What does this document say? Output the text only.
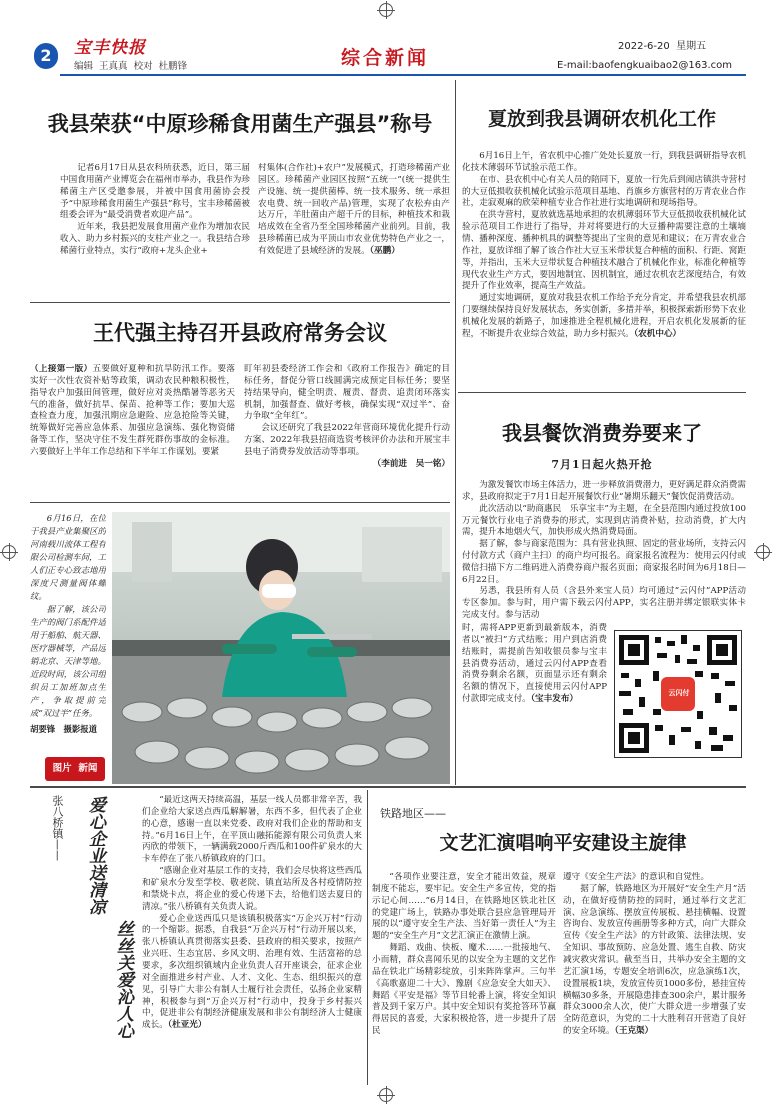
2	宝丰快报
编辑  王真真  校对  杜鹏锋	综合新闻
2022-6-20 星期五
E-mail:baofengkuaibao2@163.com
我县荣获“中原珍稀食用菌生产强县”称号

记者6月17日从县农科所获悉，近日，第三届中国食用菌产业博览会在福州市举办，我县作为珍稀菌主产区受邀参展，并被中国食用菌协会授予“中原珍稀食用菌生产强县”称号，宝丰珍稀菌被组委会评为“最受消费者欢迎产品”。

近年来，我县把发展食用菌产业作为增加农民收入、助力乡村振兴的支柱产业之一。我县结合珍稀菌行业特点，实行“政府+龙头企业+

村集体(合作社)+农户”发展模式，打造珍稀菌产业园区。珍稀菌产业园区按照“五统一”(统一提供生产设施、统一提供菌棒、统一技术服务、统一承担农电费、统一回收产品)管理，实现了农松弃由产达万斤，羊肚菌由产超千斤的目标，种植技术和栽培成效在全省乃至全国珍稀菌产业前列。目前，我县珍稀菌已成为平顶山市农业优势特色产业之一，有效促进了县域经济的发展。（巫鹏）

王代强主持召开县政府常务会议

（上接第一版）五要做好夏种和抗旱防汛工作。要落实好一次性农资补贴等政策，调动农民种粮积极性，指导农户加强田间管理，做好应对炎热酷暑等恶劣天气的准备，做好抗旱、保苗、抢种等工作；要加大巡查检查力度，加强汛期应急避险、应急抢险等关键，统筹做好完善应急体系、加强应急演练、强化物资储备等工作，坚决守住不发生群死群伤事故的金标准。六要做好上半年工作总结和下半年工作谋划。要紧

盯年初县委经济工作会和《政府工作报告》确定的目标任务，督促分管口线圆满完成预定目标任务；要坚持结果导向，健全明责、履责、督责、追责闭环落实机制，加强督查、做好考核，确保实现“双过半”、奋力争取“全年红”。

会议还研究了我县2022年营商环境优化提升行动方案、2022年我县招商选资考核评价办法和开展宝丰县电子消费券发放活动等事项。

（李前进　吴一铭）

6月16日，在位于我县产业集聚区的河南载川流体工程有限公司检测车间，工人们正专心致志地用深度尺测量阀体螺纹。

据了解，该公司生产的阀门系配件适用于船舶、航天器、医疗器械等，产品远销北京、天津等地。近段时间，该公司组织员工加班加点生产，争取提前完成“双过半”任务。

胡要锋　摄影报道
图片 新闻
夏放到我县调研农机化工作

6月16日上午，省农机中心推广处处长夏放一行，到我县调研指导农机化技术薄弱环节试验示范工作。

在市、县农机中心有关人员的陪同下，夏放一行先后到闹店镇洪寺营村的大豆低损收获机械化试验示范项目基地、肖旗乡方旗营村的万青农业合作社，走寂观麻的欣荣种植专业合作社进行实地调研和现场指导。

在洪寺营村，夏放就选基地承担的农机薄弱环节大豆低损收获机械化试验示范项目工作进行了指导，并对将要进行的大豆播种需要注意的土壤墒情、播种深度、播种机具的调整等提出了宝贵的意见和建议；在万青农业合作社，夏放详细了解了该合作社大豆玉米带状复合种植的面积、行距、窝距等，并指出，玉米大豆带状复合种植技术融合了机械化作业，标准化种植等现代农业生产方式，要因地制宜、因机制宜，通过农机农艺深度结合，有效提升了作业效率，提高生产效益。

通过实地调研，夏放对我县农机工作给予充分肯定，并希望我县农机部门要继续保持良好发展状态，务实创新，多措并举，积极探索新形势下农业机械化发展的新路子，加速推进全程机械化进程，开启农机化发展新的征程，不断提升农业综合效益，助力乡村振兴。（农机中心）

我县餐饮消费券要来了
7月1日起火热开抢

为激发餐饮市场主体活力，进一步释放消费潜力，更好满足群众消费需求，县政府拟定于7月1日起开展餐饮行业“暑期乐翻天”餐饮促消费活动。

此次活动以“助商惠民　乐享宝丰”为主题，在全县范围内通过投放100万元餐饮行业电子消费券的形式，实现到店消费补贴，拉动消费，扩大内需，提升本地烟火气，加快形成火热消费局面。

据了解，参与商家范围为：具有营业执照、固定的营业场所，支持云闪付付款方式（商户主扫）的商户均可报名。商家报名流程为：使用云闪付或微信扫描下方二维码进入消费券商户报名页面；商家报名时间为6月18日—6月22日。

另悉，我县所有人员（含县外来宝人员）均可通过“云闪付”APP活动专区参加。参与时，用户需下载云闪付APP，实名注册并绑定银联实体卡完成支付。参与活动

时，需将APP更新到最新版本，消费者以“被扫”方式结账；用户到店消费结账时，需提前告知收银员参与宝丰县消费券活动，通过云闪付APP查看消费券剩余名额，页面显示还有剩余名额的情况下，直接使用云闪付APP付款即完成支付。（宝丰发布）

云闪付
张八桥镇—— 爱心企业送清凉
丝丝关爱沁人心

“最近这两天持续高温，基层一线人员都非常辛苦，我们企业给大家送点西瓜解解暑，东西不多，但代表了企业的心意，感谢一直以来党委、政府对我们企业的帮助和支持。”6月16日上午，在平顶山融拓能源有限公司负责人来丙欣的带领下，一辆满载2000斤西瓜和100件矿泉水的大卡车停在了张八桥镇政府的门口。

“感谢企业对基层工作的支持，我们会尽快将这些西瓜和矿泉水分发至学校、敬老院、镇直站所及各村疫情防控和禁烧卡点，将企业的爱心传递下去，给他们送去夏日的清凉。”张八桥镇有关负责人说。

爱心企业送西瓜只是该镇积极落实“万企兴万村”行动的一个缩影。据悉，自我县“万企兴万村”行动开展以来，张八桥镇认真贯彻落实县委、县政府的相关要求，按照产业兴旺、生态宜居、乡风文明、治理有效、生活富裕的总要求，多次组织镇域内企业负责人召开座谈会，征求企业对全面推进乡村产业、人才、文化、生态、组织振兴的意见，引导广大非公有制人士履行社会责任，弘扬企业家精神，积极参与到“万企兴万村”行动中，投身于乡村振兴中，促进非公有制经济健康发展和非公有制经济人士健康成长。（杜亚光）

铁路地区——
文艺汇演唱响平安建设主旋律

“各项作业要注意，安全才能出效益，规章制度不能忘，要牢记。安全生产多宣传，党的指示记心间……”6月14日，在铁路地区铁北社区的党建广场上，铁路办事处联合县应急管理局开展的以“遵守安全生产法、当好第一责任人”为主题的“安全生产月”文艺汇演正在激情上演。

舞蹈、戏曲、快板、魔术……一批接地气、小而精，群众喜闻乐见的以安全为主题的文艺作品在铁北广场精彩绽放，引来阵阵掌声。三句半《高歌嘉迎二十大》、豫剧《应急安全大如天》、舞蹈《平安是福》等节目轮番上演，将安全知识普及到千家万户。其中安全知识有奖抢答环节赢得居民的喜爱，大家积极抢答，进一步提升了居民

遵守《安全生产法》的意识和自觉性。

据了解，铁路地区为开展好“安全生产月”活动，在做好疫情防控的同时，通过举行文艺汇演、应急演练、摆放宣传展板、悬挂横幅、设置咨询台、发放宣传画册等多种方式，向广大群众宣传《安全生产法》的方针政策、法律法规、安全知识、事故预防、应急处置、逃生自救、防灾减灾救灾常识。截至当日，共举办安全主题的文艺汇演1场，专题安全培训6次，应急演练1次，设置展板1块，发放宣传页1000多份，悬挂宣传横幅30多条，开展隐患排查300余户，累计服务群众3000余人次，使广大群众进一步增强了安全防范意识，为党的二十大胜利召开营造了良好的安全环境。（王克渠）
